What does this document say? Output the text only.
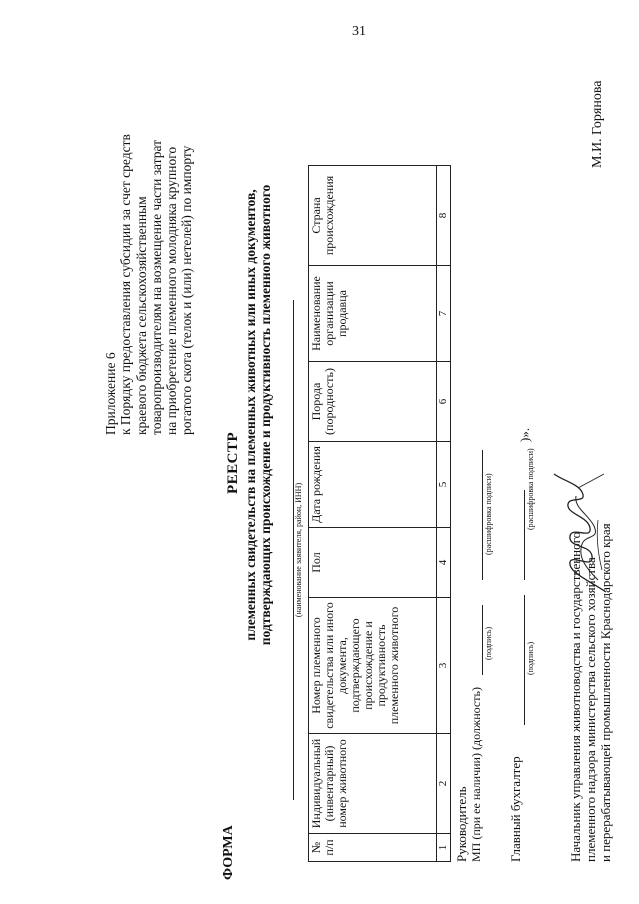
31
Приложение 6 к Порядку предоставления субсидии за счет средств краевого бюджета сельскохозяйственным товаропроизводителям на возмещение части затрат на приобретение племенного молодняка крупного рогатого скота (телок и (или) нетелей) по импорту
ФОРМА
РЕЕСТР племенных свидетельств на племенных животных или иных документов, подтверждающих происхождение и продуктивность племенного животного	(наименование заявителя, район, ИНН)
№ п/п	Индивидуальный (инвентарный) номер животного	Номер племенного свидетельства или иного документа, подтверждающего происхождение и продуктивность племенного животного	Пол	Дата рождения	Порода (породность)	Наименование организации продавца	Страна происхождения
1	2	3	4	5	6	7	8
Руководитель МП (при ее наличии) (должность)
(подпись)
(расшифровка подписи)
Главный бухгалтер
(подпись)
(расшифровка подписи)
)».
Начальник управления животноводства и государственного племенного надзора министерства сельского хозяйства и перерабатывающей промышленности Краснодарского края
М.И. Горянова
